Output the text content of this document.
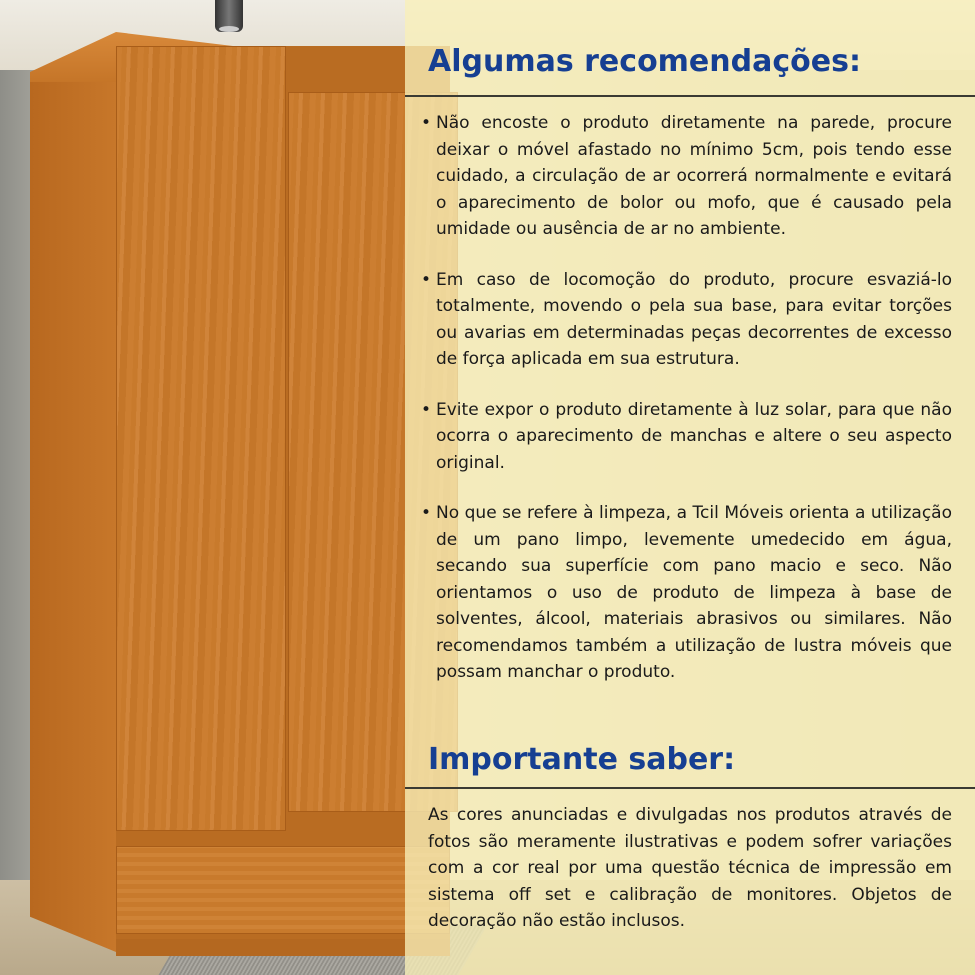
Algumas recomendações:
• Não encoste o produto diretamente na parede, procure deixar o móvel afastado no mínimo 5cm, pois tendo esse cuidado, a circulação de ar ocorrerá normalmente e evitará o aparecimento de bolor ou mofo, que é causado pela umidade ou ausência de ar no ambiente.
• Em caso de locomoção do produto, procure esvaziá-lo totalmente, movendo o pela sua base, para evitar torções ou avarias em determinadas peças decorrentes de excesso de força aplicada em sua estrutura.
• Evite expor o produto diretamente à luz solar, para que não ocorra o aparecimento de manchas e altere o seu aspecto original.
• No que se refere à limpeza, a Tcil Móveis orienta a utilização de um pano limpo, levemente umedecido em água, secando sua superfície com pano macio e seco. Não orientamos o uso de produto de limpeza à base de solventes, álcool, materiais abrasivos ou similares. Não recomendamos também a utilização de lustra móveis que possam manchar o produto.
Importante saber:

As cores anunciadas e divulgadas nos produtos através de fotos são meramente ilustrativas e podem sofrer variações com a cor real por uma questão técnica de impressão em sistema off set e calibração de monitores. Objetos de decoração não estão inclusos.
